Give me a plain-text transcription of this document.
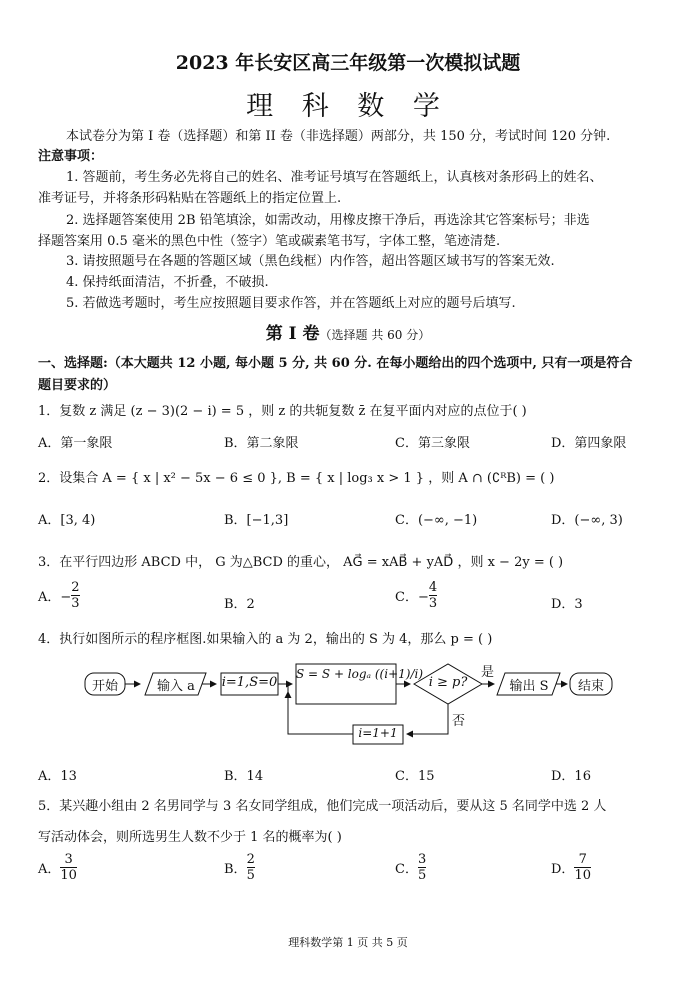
2023 年长安区高三年级第一次模拟试题
理 科 数 学
本试卷分为第 I 卷（选择题）和第 II 卷（非选择题）两部分，共 150 分，考试时间 120 分钟.
注意事项：
1. 答题前，考生务必先将自己的姓名、准考证号填写在答题纸上，认真核对条形码上的姓名、
准考证号，并将条形码粘贴在答题纸上的指定位置上.
2. 选择题答案使用 2B 铅笔填涂，如需改动，用橡皮擦干净后，再选涂其它答案标号；非选
择题答案用 0.5 毫米的黑色中性（签字）笔或碳素笔书写，字体工整，笔迹清楚.
3. 请按照题号在各题的答题区域（黑色线框）内作答，超出答题区域书写的答案无效.
4. 保持纸面清洁，不折叠，不破损.
5. 若做选考题时，考生应按照题目要求作答，并在答题纸上对应的题号后填写.
第 I 卷（选择题 共 60 分）
一、选择题:（本大题共 12 小题, 每小题 5 分, 共 60 分. 在每小题给出的四个选项中, 只有一项是符合
题目要求的）
1．复数 z 满足 (z − 3)(2 − i) = 5 ，则 z 的共轭复数 z̄ 在复平面内对应的点位于( )
A．第一象限	B．第二象限	C．第三象限	D．第四象限
2．设集合 A = { x | x² − 5x − 6 ≤ 0 }, B = { x | log₃ x > 1 } ，则 A ∩ (∁ᴿB) = ( )
A．[3, 4)	B．[−1,3]	C．(−∞, −1)	D．(−∞, 3)
3．在平行四边形 ABCD 中， G 为△BCD 的重心， AG⃗ = xAB⃗ + yAD⃗ ，则 x − 2y = ( )
A．− $\frac{2}{3}$	B．2	C．− $\frac{4}{3}$	D．3
4．执行如图所示的程序框图.如果输入的 a 为 2，输出的 S 为 4，那么 p = ( )
开始	输入 a	i=1,S=0
S = S + logₐ ((i+1)/i)
i ≥ p?
是
否
输出 S	结束
i=1+1
A．13	B．14	C．15	D．16
5．某兴趣小组由 2 名男同学与 3 名女同学组成，他们完成一项活动后，要从这 5 名同学中选 2 人
写活动体会，则所选男生人数不少于 1 名的概率为( )
A． $\frac{3}{10}$	B． $\frac{2}{5}$	C． $\frac{3}{5}$	D． $\frac{7}{10}$
理科数学第 1 页 共 5 页
